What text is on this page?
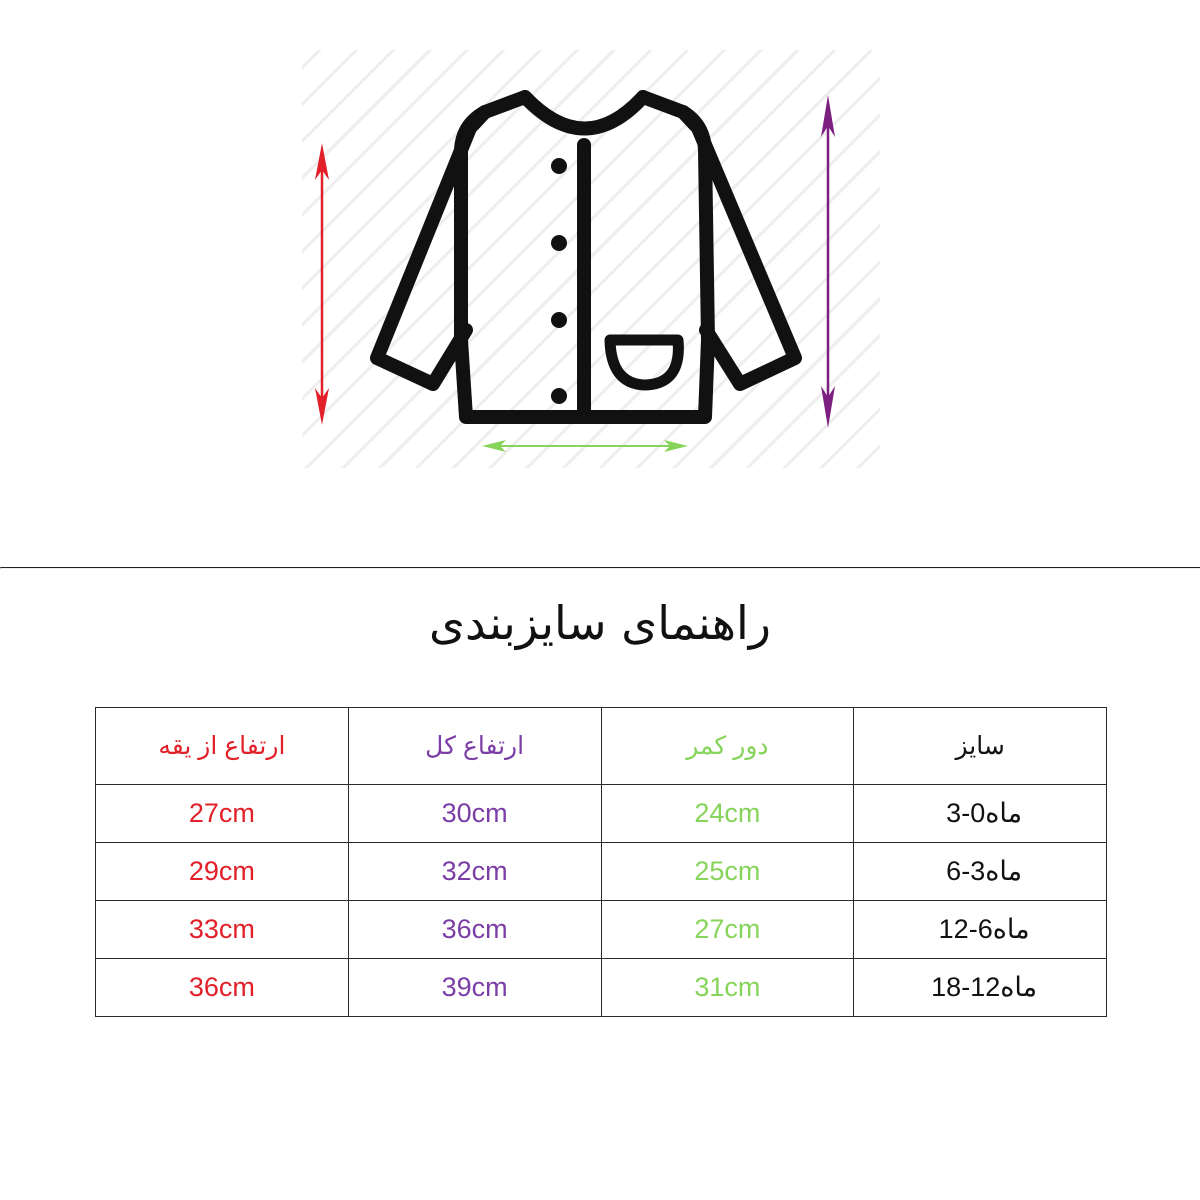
راهنمای سایزبندی
ارتفاع از یقه	ارتفاع کل	دور کمر	سایز
27cm	30cm	24cm	ماه0-3
29cm	32cm	25cm	ماه3-6
33cm	36cm	27cm	ماه6-12
36cm	39cm	31cm	ماه12-18
